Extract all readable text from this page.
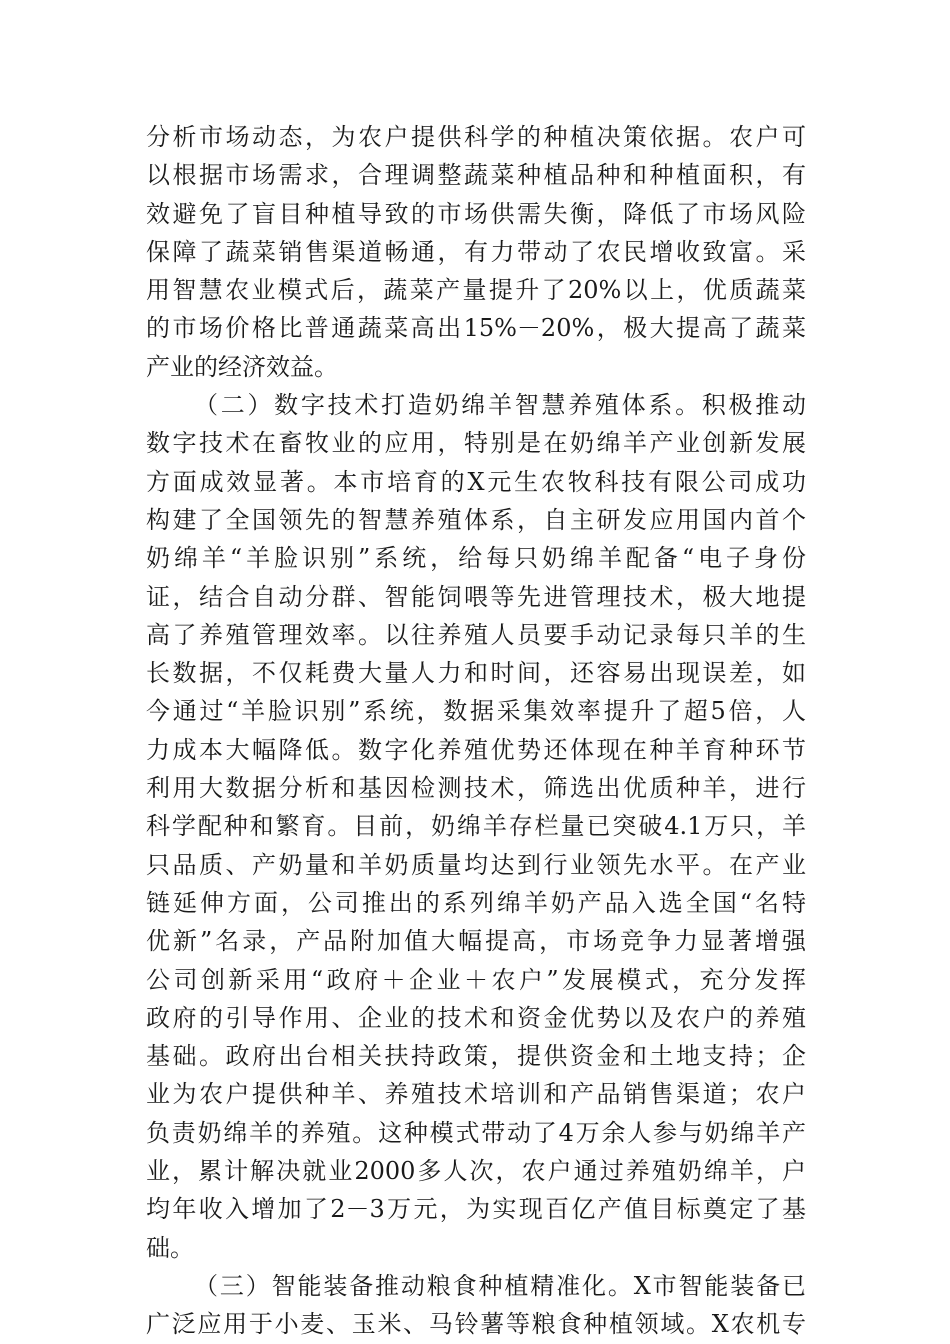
分析市场动态，为农户提供科学的种植决策依据。农户可
以根据市场需求，合理调整蔬菜种植品种和种植面积，有
效避免了盲目种植导致的市场供需失衡，降低了市场风险
保障了蔬菜销售渠道畅通，有力带动了农民增收致富。采
用智慧农业模式后，蔬菜产量提升了20%以上，优质蔬菜
的市场价格比普通蔬菜高出15%－20%，极大提高了蔬菜
产业的经济效益。
（二）数字技术打造奶绵羊智慧养殖体系。积极推动
数字技术在畜牧业的应用，特别是在奶绵羊产业创新发展
方面成效显著。本市培育的X元生农牧科技有限公司成功
构建了全国领先的智慧养殖体系，自主研发应用国内首个
奶绵羊“羊脸识别”系统，给每只奶绵羊配备“电子身份
证，结合自动分群、智能饲喂等先进管理技术，极大地提
高了养殖管理效率。以往养殖人员要手动记录每只羊的生
长数据，不仅耗费大量人力和时间，还容易出现误差，如
今通过“羊脸识别”系统，数据采集效率提升了超5倍，人
力成本大幅降低。数字化养殖优势还体现在种羊育种环节
利用大数据分析和基因检测技术，筛选出优质种羊，进行
科学配种和繁育。目前，奶绵羊存栏量已突破4.1万只，羊
只品质、产奶量和羊奶质量均达到行业领先水平。在产业
链延伸方面，公司推出的系列绵羊奶产品入选全国“名特
优新”名录，产品附加值大幅提高，市场竞争力显著增强
公司创新采用“政府＋企业＋农户”发展模式，充分发挥
政府的引导作用、企业的技术和资金优势以及农户的养殖
基础。政府出台相关扶持政策，提供资金和土地支持；企
业为农户提供种羊、养殖技术培训和产品销售渠道；农户
负责奶绵羊的养殖。这种模式带动了4万余人参与奶绵羊产
业，累计解决就业2000多人次，农户通过养殖奶绵羊，户
均年收入增加了2－3万元，为实现百亿产值目标奠定了基
础。
（三）智能装备推动粮食种植精准化。X市智能装备已
广泛应用于小麦、玉米、马铃薯等粮食种植领域。X农机专
